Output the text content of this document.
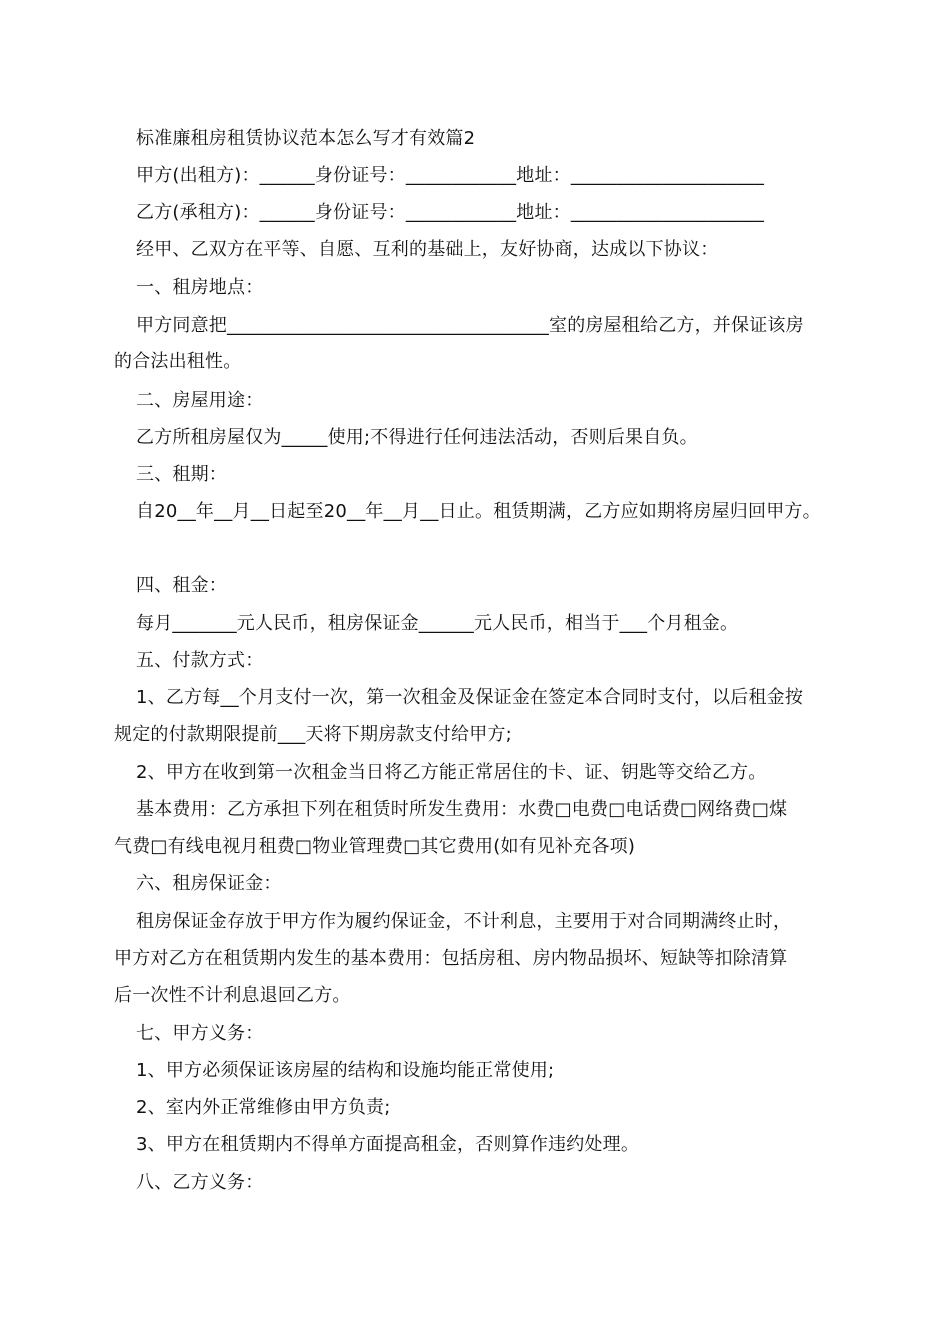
标准廉租房租赁协议范本怎么写才有效篇2
甲方(出租方)：______身份证号：____________地址：_____________________
乙方(承租方)：______身份证号：____________地址：_____________________
经甲、乙双方在平等、自愿、互利的基础上，友好协商，达成以下协议：
一、租房地点：
甲方同意把___________________________________室的房屋租给乙方，并保证该房
的合法出租性。
二、房屋用途：
乙方所租房屋仅为_____使用;不得进行任何违法活动，否则后果自负。
三、租期：
自20__年__月__日起至20__年__月__日止。租赁期满，乙方应如期将房屋归回甲方。
四、租金：
每月_______元人民币，租房保证金______元人民币，相当于___个月租金。
五、付款方式：
1、乙方每__个月支付一次，第一次租金及保证金在签定本合同时支付，以后租金按
规定的付款期限提前___天将下期房款支付给甲方;
2、甲方在收到第一次租金当日将乙方能正常居住的卡、证、钥匙等交给乙方。
基本费用：乙方承担下列在租赁时所发生费用：水费□电费□电话费□网络费□煤
气费□有线电视月租费□物业管理费□其它费用(如有见补充各项)
六、租房保证金：
租房保证金存放于甲方作为履约保证金，不计利息，主要用于对合同期满终止时，
甲方对乙方在租赁期内发生的基本费用：包括房租、房内物品损坏、短缺等扣除清算
后一次性不计利息退回乙方。
七、甲方义务：
1、甲方必须保证该房屋的结构和设施均能正常使用;
2、室内外正常维修由甲方负责;
3、甲方在租赁期内不得单方面提高租金，否则算作违约处理。
八、乙方义务：
